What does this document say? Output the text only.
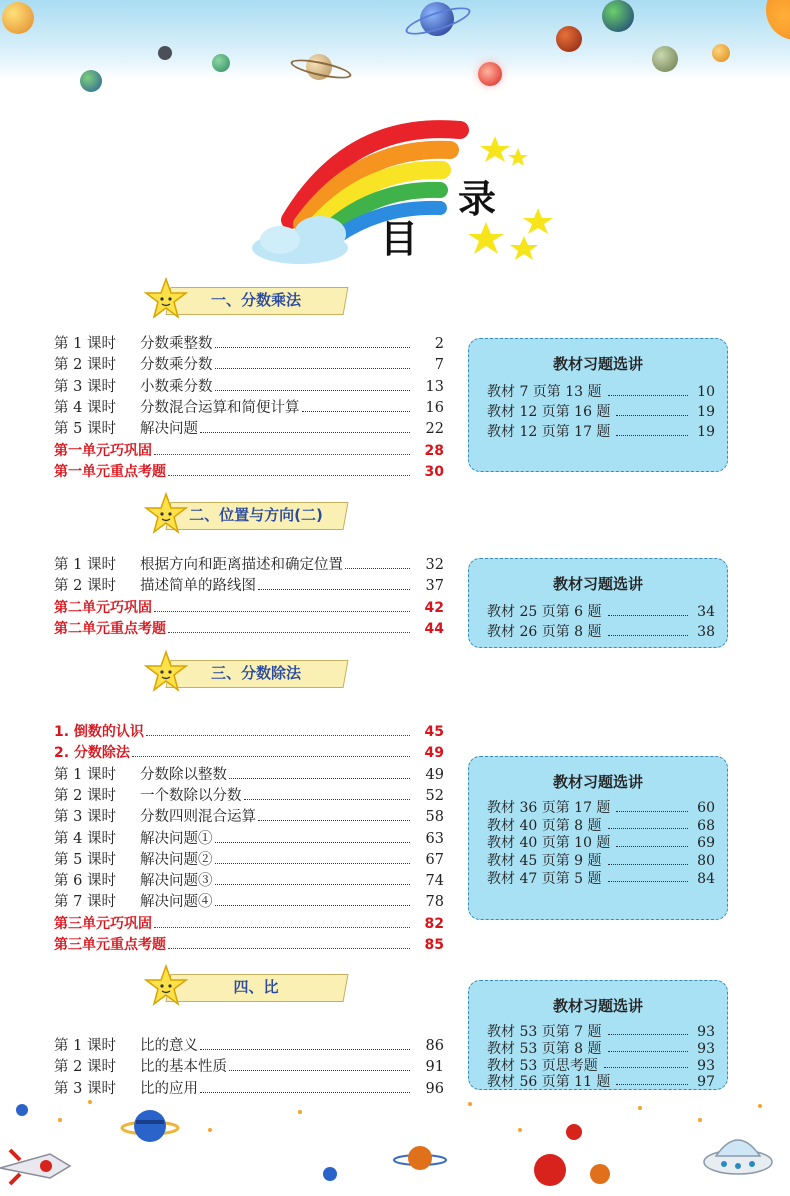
录
目
一、分数乘法
第 1 课时	分数乘整数	2
第 2 课时	分数乘分数	7
第 3 课时	小数乘分数	13
第 4 课时	分数混合运算和简便计算	16
第 5 课时	解决问题	22
第一单元巧巩固	28
第一单元重点考题	30
教材习题选讲
教材 7 页第 13 题	10
教材 12 页第 16 题	19
教材 12 页第 17 题	19
二、位置与方向(二)
第 1 课时	根据方向和距离描述和确定位置	32
第 2 课时	描述简单的路线图	37
第二单元巧巩固	42
第二单元重点考题	44
教材习题选讲
教材 25 页第 6 题	34
教材 26 页第 8 题	38
三、分数除法
1. 倒数的认识	45
2. 分数除法	49
第 1 课时	分数除以整数	49
第 2 课时	一个数除以分数	52
第 3 课时	分数四则混合运算	58
第 4 课时	解决问题①	63
第 5 课时	解决问题②	67
第 6 课时	解决问题③	74
第 7 课时	解决问题④	78
第三单元巧巩固	82
第三单元重点考题	85
教材习题选讲
教材 36 页第 17 题	60
教材 40 页第 8 题	68
教材 40 页第 10 题	69
教材 45 页第 9 题	80
教材 47 页第 5 题	84
四、比
第 1 课时	比的意义	86
第 2 课时	比的基本性质	91
第 3 课时	比的应用	96
教材习题选讲
教材 53 页第 7 题	93
教材 53 页第 8 题	93
教材 53 页思考题	93
教材 56 页第 11 题	97
